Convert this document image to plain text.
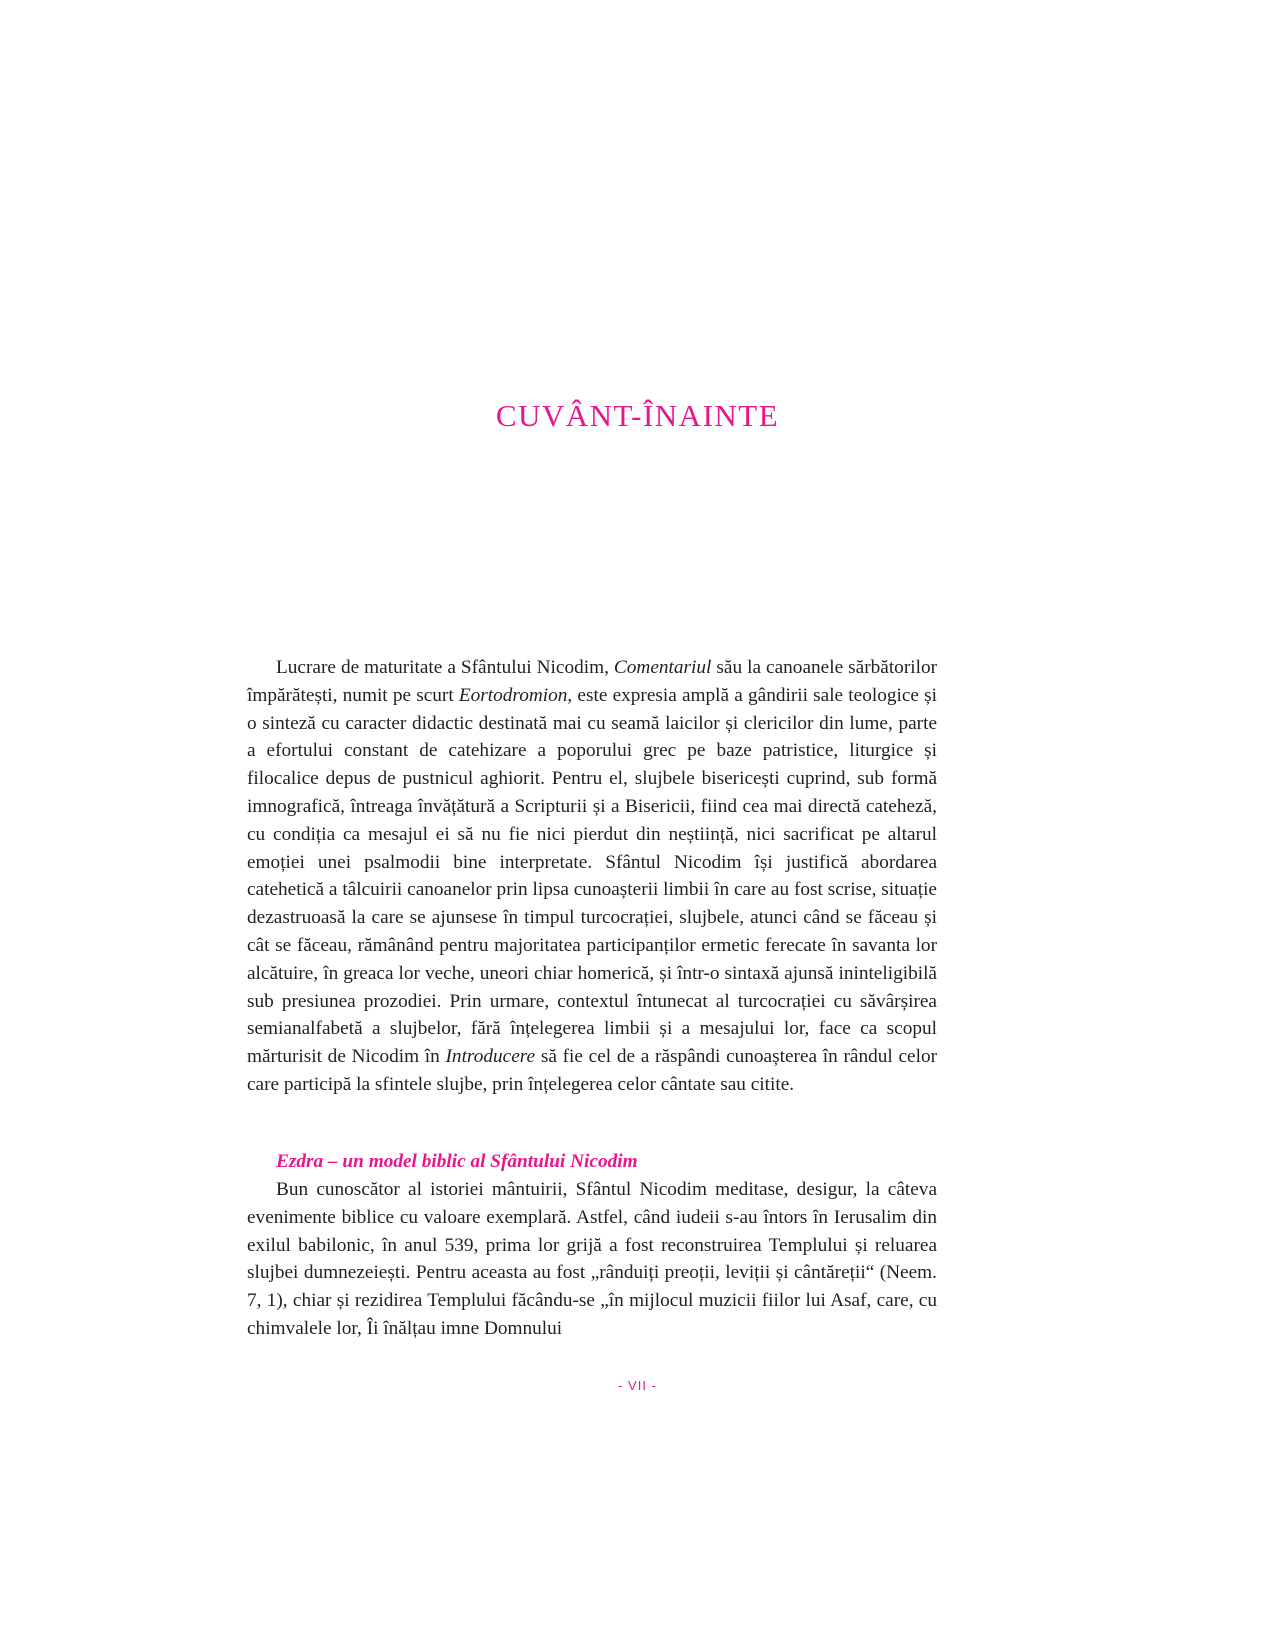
CUVÂNT-ÎNAINTE

Lucrare de maturitate a Sfântului Nicodim, Comentariul său la canoanele sărbătorilor împărătești, numit pe scurt Eortodromion, este expresia amplă a gândirii sale teologice și o sinteză cu caracter didactic destinată mai cu seamă laicilor și clericilor din lume, parte a efortului constant de catehizare a poporului grec pe baze patristice, liturgice și filocalice depus de pustnicul aghiorit. Pentru el, slujbele bisericești cuprind, sub formă imnografică, întreaga învățătură a Scripturii și a Bisericii, fiind cea mai directă cateheză, cu condiția ca mesajul ei să nu fie nici pierdut din neștiință, nici sacrificat pe altarul emoției unei psalmodii bine interpretate. Sfântul Nicodim își justifică abordarea catehetică a tâlcuirii canoanelor prin lipsa cunoașterii limbii în care au fost scrise, situație dezastruoasă la care se ajunsese în timpul turcocrației, slujbele, atunci când se făceau și cât se făceau, rămânând pentru majoritatea participanților ermetic ferecate în savanta lor alcătuire, în greaca lor veche, uneori chiar homerică, și într-o sintaxă ajunsă ininteligibilă sub presiunea prozodiei. Prin urmare, contextul întunecat al turcocrației cu săvârșirea semianalfabetă a slujbelor, fără înțelegerea limbii și a mesajului lor, face ca scopul mărturisit de Nicodim în Introducere să fie cel de a răspândi cunoașterea în rândul celor care participă la sfintele slujbe, prin înțelegerea celor cântate sau citite.

Ezdra – un model biblic al Sfântului Nicodim

Bun cunoscător al istoriei mântuirii, Sfântul Nicodim meditase, desigur, la câteva evenimente biblice cu valoare exemplară. Astfel, când iudeii s-au întors în Ierusalim din exilul babilonic, în anul 539, prima lor grijă a fost reconstruirea Templului și reluarea slujbei dumnezeiești. Pentru aceasta au fost „rânduiți preoții, leviții și cântăreții“ (Neem. 7, 1), chiar și rezidirea Templului făcându-se „în mijlocul muzicii fiilor lui Asaf, care, cu chimvalele lor, Îi înălțau imne Domnului

- VII -
